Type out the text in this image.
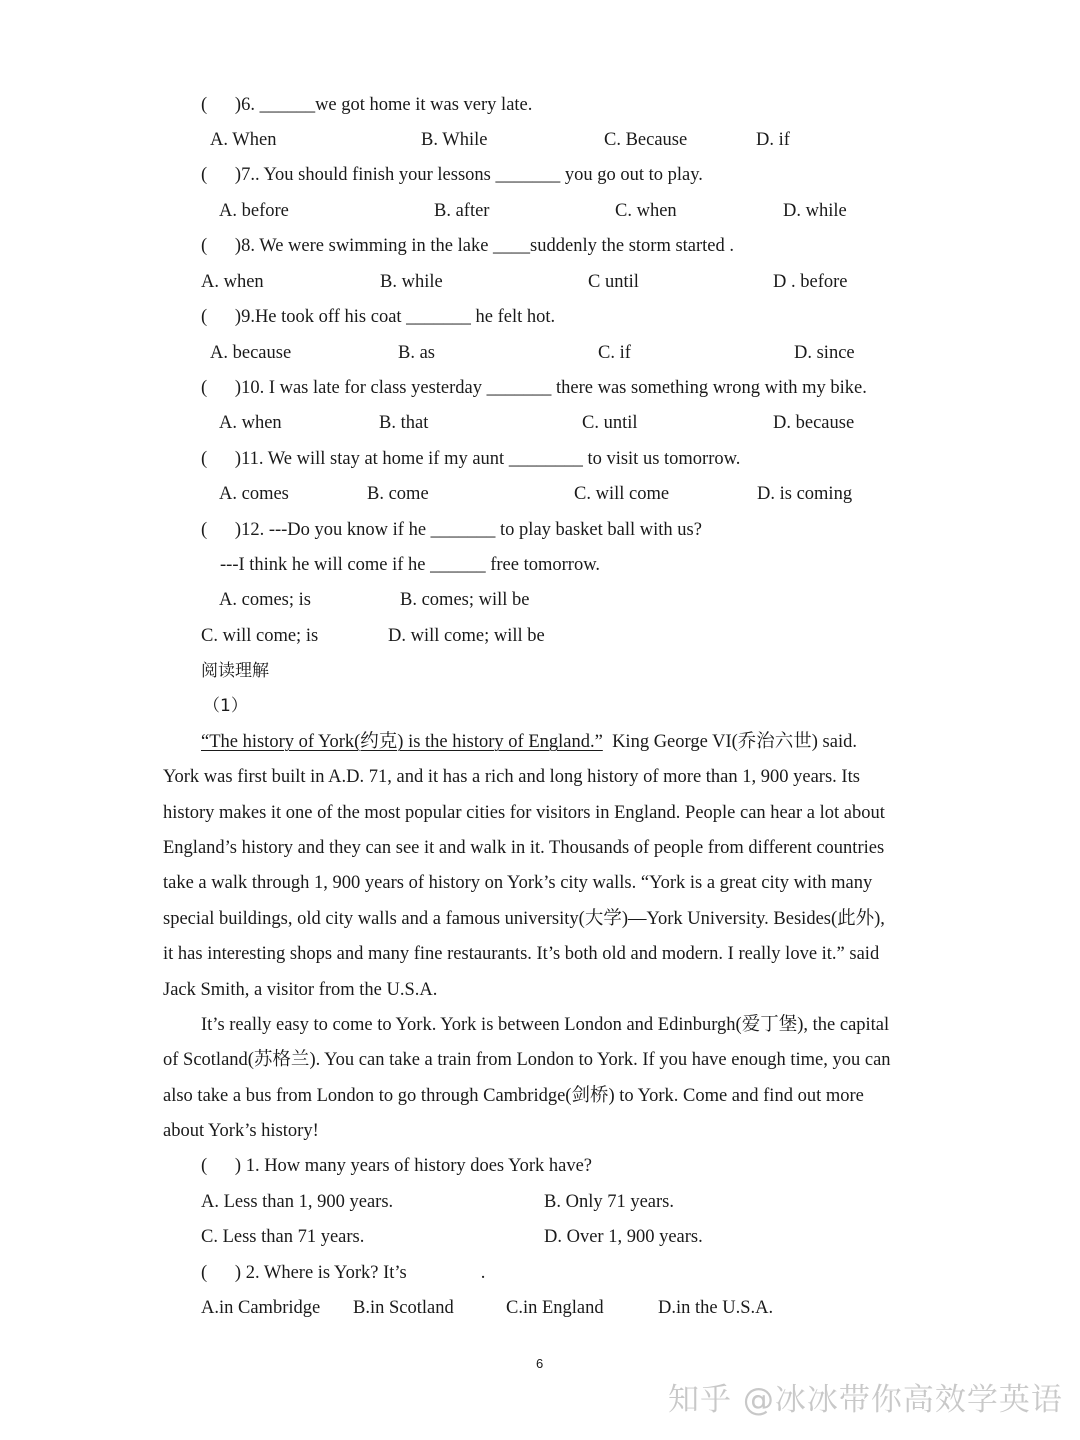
(      )6. ______we got home it was very late.
A. When	B. While	C. Because	D. if
(      )7.. You should finish your lessons _______ you go out to play.
A. before	B. after	C. when	D. while
(      )8. We were swimming in the lake ____suddenly the storm started .
A. when	B. while	C until	D . before
(      )9.He took off his coat _______ he felt hot.
A. because	B. as	C. if	D. since
(      )10. I was late for class yesterday _______ there was something wrong with my bike.
A. when	B. that	C. until	D. because
(      )11. We will stay at home if my aunt ________ to visit us tomorrow.
A. comes	B. come	C. will come	D. is coming
(      )12. ---Do you know if he _______ to play basket ball with us?
---I think he will come if he ______ free tomorrow.
A. comes; is	B. comes; will be
C. will come; is	D. will come; will be
阅读理解
（1）
“The history of York(约克) is the history of England.”  King George VI(乔治六世) said.
York was first built in A.D. 71, and it has a rich and long history of more than 1, 900 years. Its
history makes it one of the most popular cities for visitors in England. People can hear a lot about
England’s history and they can see it and walk in it. Thousands of people from different countries
take a walk through 1, 900 years of history on York’s city walls. “York is a great city with many
special buildings, old city walls and a famous university(大学)—York University. Besides(此外),
it has interesting shops and many fine restaurants. It’s both old and modern. I really love it.” said
Jack Smith, a visitor from the U.S.A.
It’s really easy to come to York. York is between London and Edinburgh(爱丁堡), the capital
of Scotland(苏格兰). You can take a train from London to York. If you have enough time, you can
also take a bus from London to go through Cambridge(剑桥) to York. Come and find out more
about York’s history!
(      ) 1. How many years of history does York have?
A. Less than 1, 900 years.	B. Only 71 years.
C. Less than 71 years.	D. Over 1, 900 years.
(      ) 2. Where is York? It’s                .
A.in Cambridge B.in Scotland	C.in England	D.in the U.S.A.
6
知乎 @冰冰带你高效学英语
